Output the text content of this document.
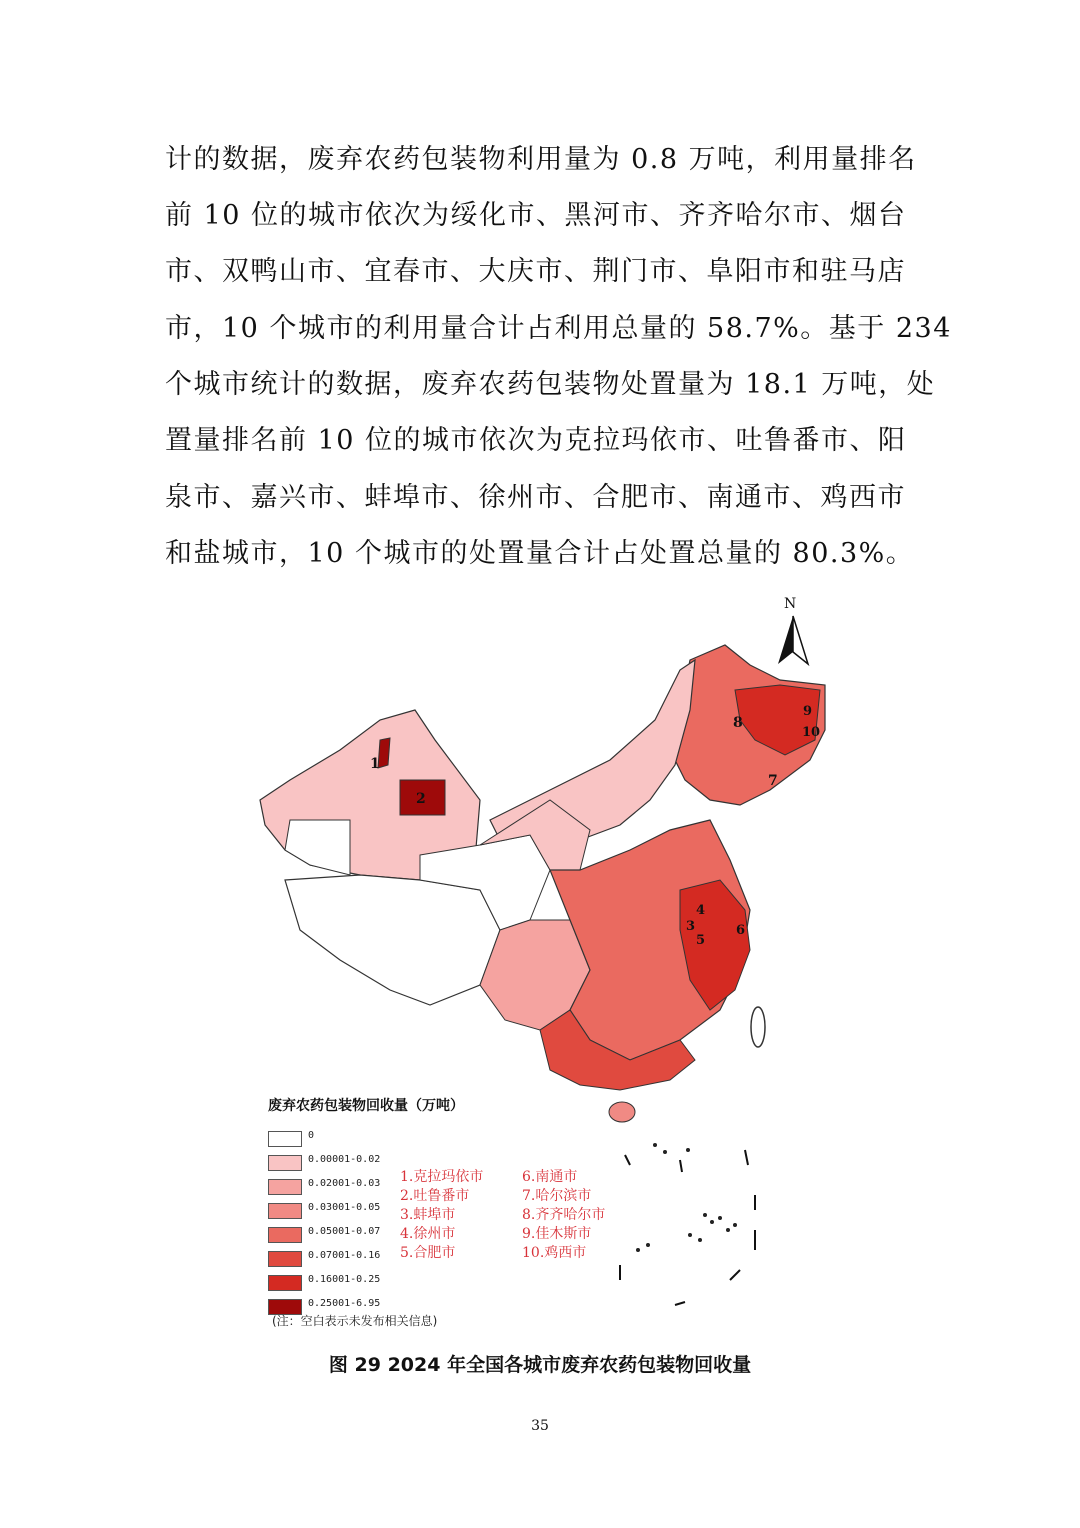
计的数据，废弃农药包装物利用量为 0.8 万吨，利用量排名
前 10 位的城市依次为绥化市、黑河市、齐齐哈尔市、烟台
市、双鸭山市、宜春市、大庆市、荆门市、阜阳市和驻马店
市，10 个城市的利用量合计占利用总量的 58.7%。基于 234
个城市统计的数据，废弃农药包装物处置量为 18.1 万吨，处
置量排名前 10 位的城市依次为克拉玛依市、吐鲁番市、阳
泉市、嘉兴市、蚌埠市、徐州市、合肥市、南通市、鸡西市
和盐城市，10 个城市的处置量合计占处置总量的 80.3%。
1
2
3
4
5
6
7
8
9
10
N
废弃农药包装物回收量（万吨）
0
0.00001-0.02
0.02001-0.03
0.03001-0.05
0.05001-0.07
0.07001-0.16
0.16001-0.25
0.25001-6.95
1.克拉玛依市
2.吐鲁番市
3.蚌埠市
4.徐州市
5.合肥市
6.南通市
7.哈尔滨市
8.齐齐哈尔市
9.佳木斯市
10.鸡西市
(注：空白表示未发布相关信息)
图 29 2024 年全国各城市废弃农药包装物回收量
35
